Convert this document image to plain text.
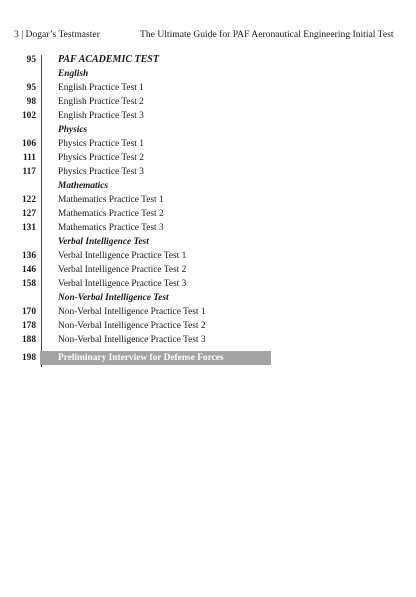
3 | Dogar’s Testmaster	The Ultimate Guide for PAF Aeronautical Engineering Initial Test
95 PAF ACADEMIC TEST
English
95 English Practice Test 1
98 English Practice Test 2
102 English Practice Test 3
Physics
106 Physics Practice Test 1
111 Physics Practice Test 2
117 Physics Practice Test 3
Mathematics
122 Mathematics Practice Test 1
127 Mathematics Practice Test 2
131 Mathematics Practice Test 3
Verbal Intelligence Test
136 Verbal Intelligence Practice Test 1
146 Verbal Intelligence Practice Test 2
158 Verbal Intelligence Practice Test 3
Non-Verbal Intelligence Test
170 Non-Verbal Intelligence Practice Test 1
178 Non-Verbal Intelligence Practice Test 2
188 Non-Verbal Intelligence Practice Test 3
198 Preliminary Interview for Defense Forces
